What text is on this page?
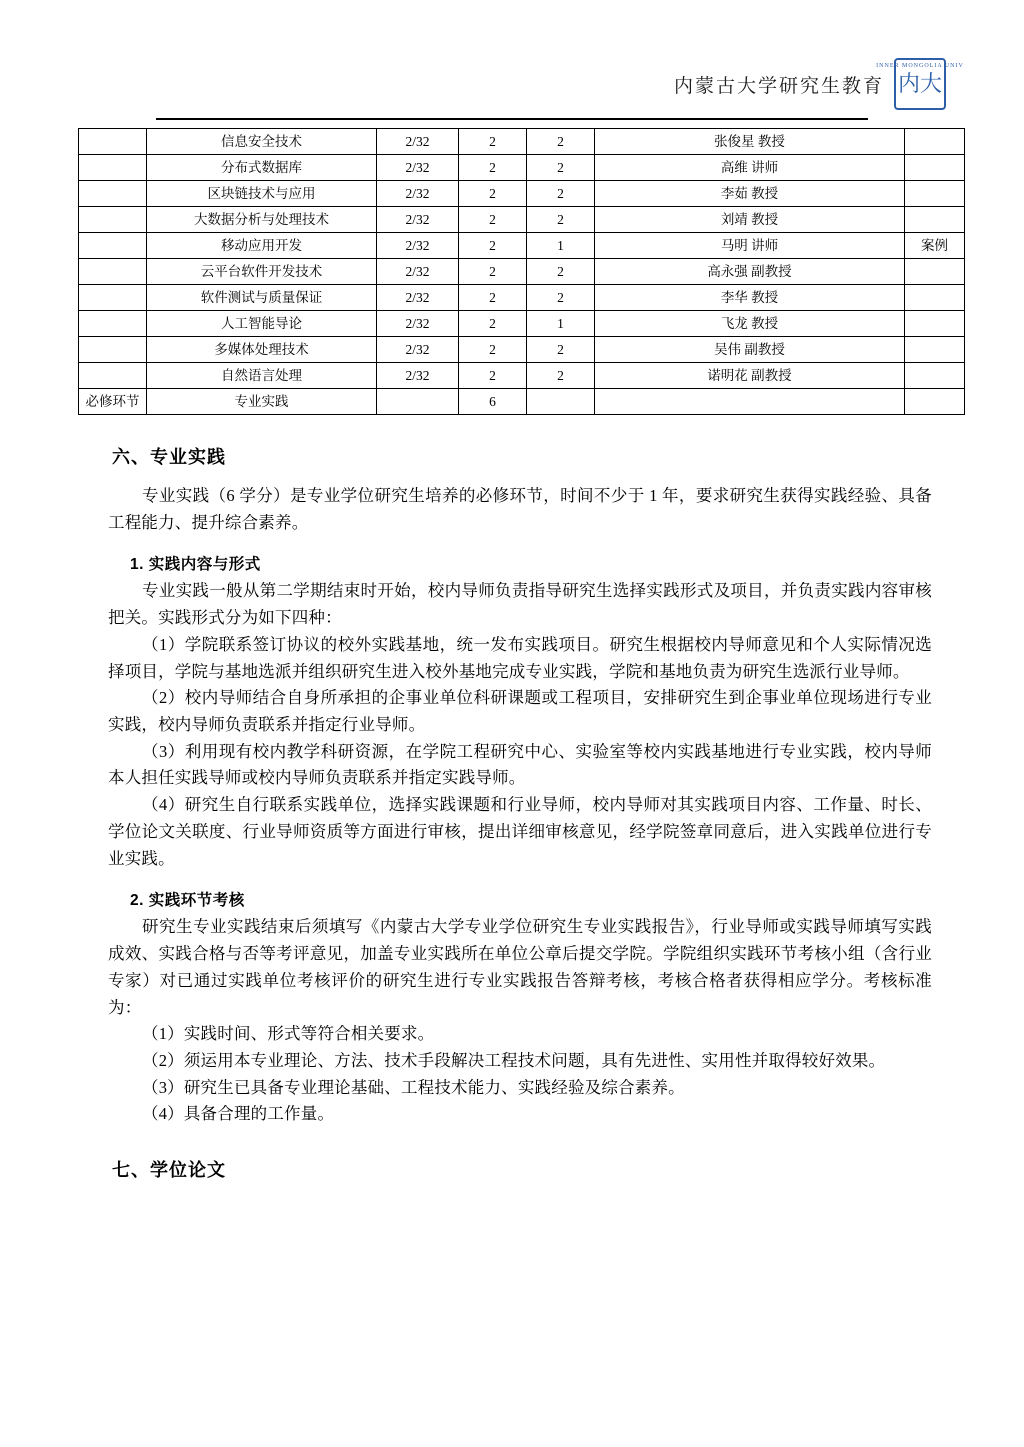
内蒙古大学研究生教育
INNER MONGOLIA UNIV
内大
	信息安全技术	2/32	2	2	张俊星 教授	
	分布式数据库	2/32	2	2	高维 讲师	
	区块链技术与应用	2/32	2	2	李茹 教授	
	大数据分析与处理技术	2/32	2	2	刘靖 教授	
	移动应用开发	2/32	2	1	马明 讲师	案例
	云平台软件开发技术	2/32	2	2	高永强 副教授	
	软件测试与质量保证	2/32	2	2	李华 教授	
	人工智能导论	2/32	2	1	飞龙 教授	
	多媒体处理技术	2/32	2	2	吴伟 副教授	
	自然语言处理	2/32	2	2	诺明花 副教授	
必修环节	专业实践		6			
六、专业实践

专业实践（6 学分）是专业学位研究生培养的必修环节，时间不少于 1 年，要求研究生获得实践经验、具备工程能力、提升综合素养。

1. 实践内容与形式

专业实践一般从第二学期结束时开始，校内导师负责指导研究生选择实践形式及项目，并负责实践内容审核把关。实践形式分为如下四种：

（1）学院联系签订协议的校外实践基地，统一发布实践项目。研究生根据校内导师意见和个人实际情况选择项目，学院与基地选派并组织研究生进入校外基地完成专业实践，学院和基地负责为研究生选派行业导师。

（2）校内导师结合自身所承担的企事业单位科研课题或工程项目，安排研究生到企事业单位现场进行专业实践，校内导师负责联系并指定行业导师。

（3）利用现有校内教学科研资源，在学院工程研究中心、实验室等校内实践基地进行专业实践，校内导师本人担任实践导师或校内导师负责联系并指定实践导师。

（4）研究生自行联系实践单位，选择实践课题和行业导师，校内导师对其实践项目内容、工作量、时长、学位论文关联度、行业导师资质等方面进行审核，提出详细审核意见，经学院签章同意后，进入实践单位进行专业实践。

2. 实践环节考核

研究生专业实践结束后须填写《内蒙古大学专业学位研究生专业实践报告》，行业导师或实践导师填写实践成效、实践合格与否等考评意见，加盖专业实践所在单位公章后提交学院。学院组织实践环节考核小组（含行业专家）对已通过实践单位考核评价的研究生进行专业实践报告答辩考核，考核合格者获得相应学分。考核标准为：

（1）实践时间、形式等符合相关要求。

（2）须运用本专业理论、方法、技术手段解决工程技术问题，具有先进性、实用性并取得较好效果。

（3）研究生已具备专业理论基础、工程技术能力、实践经验及综合素养。

（4）具备合理的工作量。

七、学位论文
